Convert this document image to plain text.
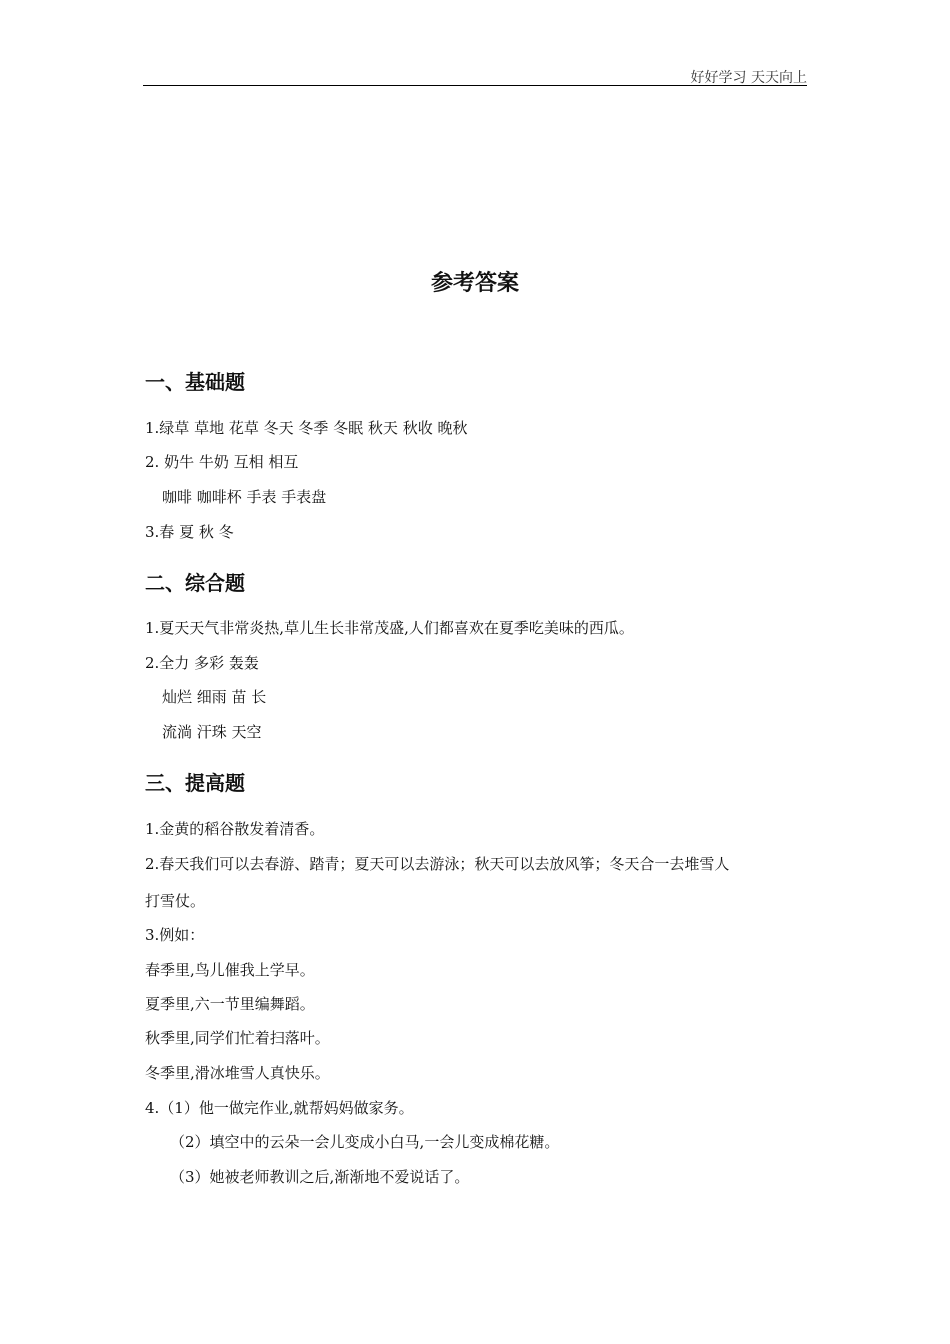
好好学习 天天向上
参考答案
一、基础题
1.绿草 草地 花草 冬天 冬季 冬眠 秋天 秋收 晚秋
2. 奶牛 牛奶 互相 相互
咖啡 咖啡杯 手表 手表盘
3.春 夏 秋 冬
二、综合题
1.夏天天气非常炎热,草儿生长非常茂盛,人们都喜欢在夏季吃美味的西瓜。
2.全力 多彩 轰轰
灿烂 细雨 苗 长
流淌 汗珠 天空
三、提高题
1.金黄的稻谷散发着清香。
2.春天我们可以去春游、踏青；夏天可以去游泳；秋天可以去放风筝；冬天合一去堆雪人
打雪仗。
3.例如：
春季里,鸟儿催我上学早。
夏季里,六一节里编舞蹈。
秋季里,同学们忙着扫落叶。
冬季里,滑冰堆雪人真快乐。
4.（1）他一做完作业,就帮妈妈做家务。
（2）填空中的云朵一会儿变成小白马,一会儿变成棉花糖。
（3）她被老师教训之后,渐渐地不爱说话了。
